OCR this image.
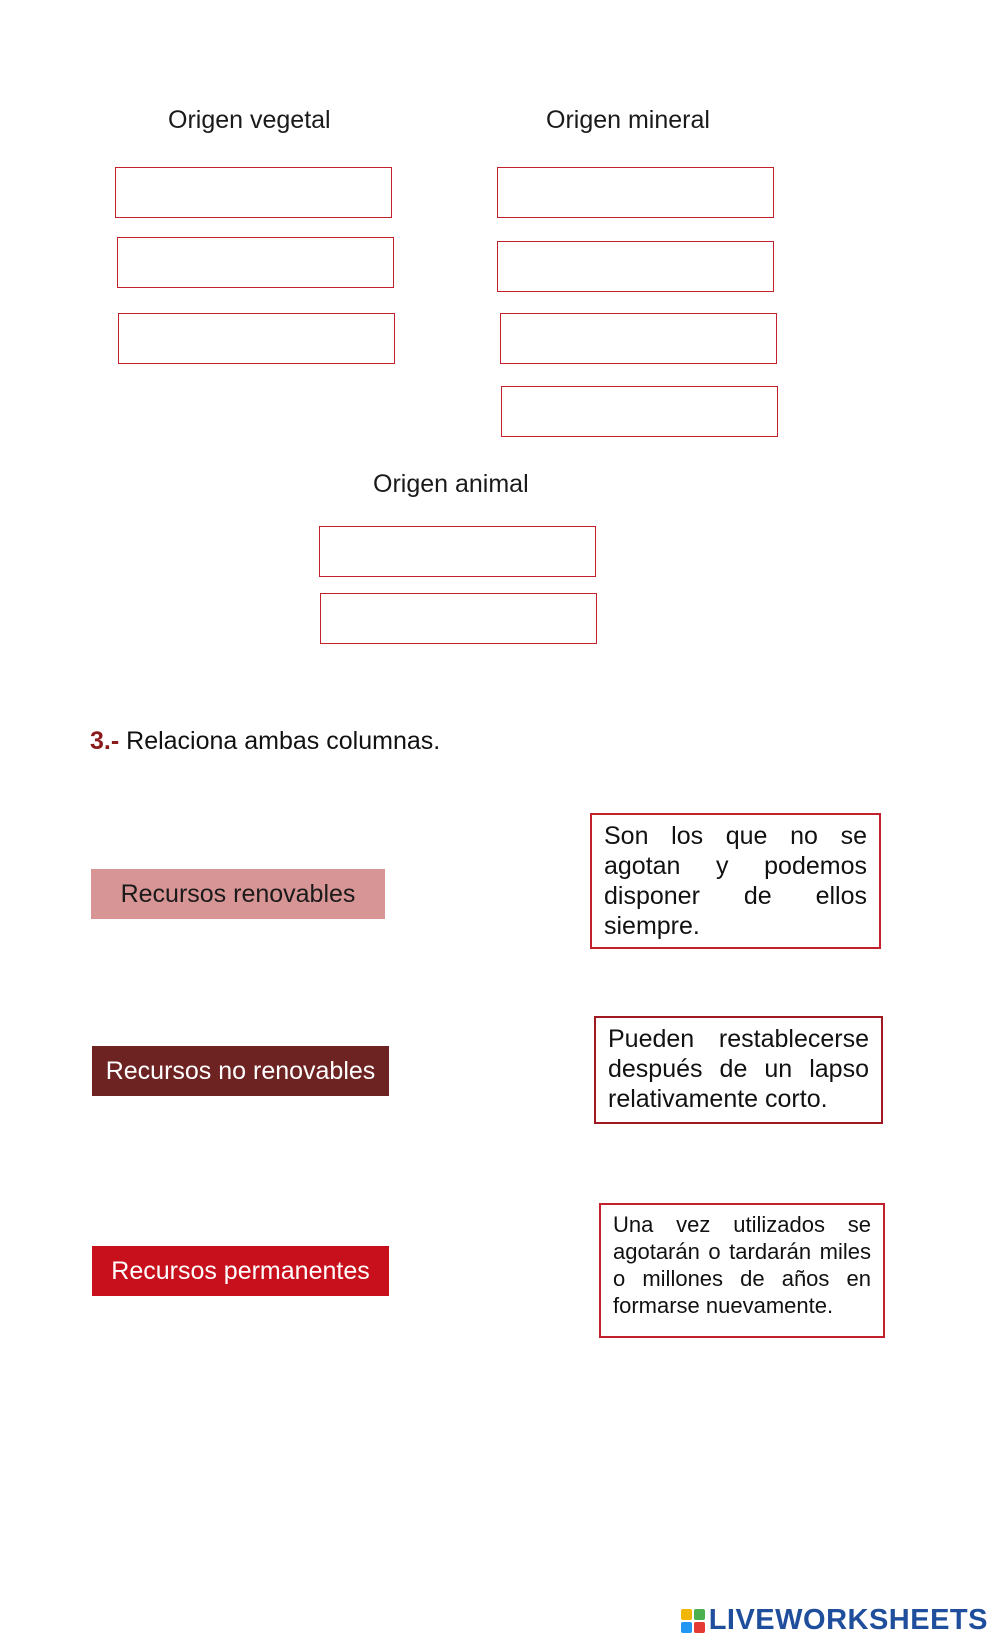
Origen vegetal	Origen mineral
Origen animal
3.- Relaciona ambas columnas.
Recursos renovables
Recursos no renovables
Recursos permanentes
Son los que no se agotan y podemos disponer de ellos siempre.
Pueden restablecerse después de un lapso relativamente corto.
Una vez utilizados se agotarán o tardarán miles o millones de años en formarse nuevamente.
LIVEWORKSHEETS
